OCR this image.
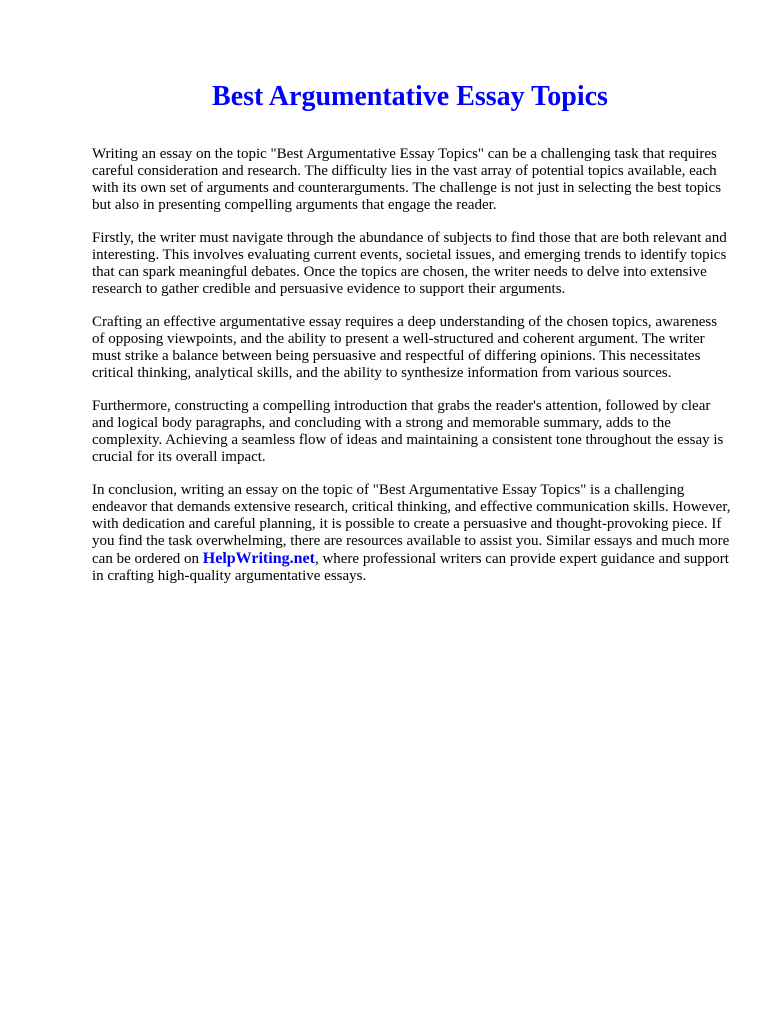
Best Argumentative Essay Topics

Writing an essay on the topic "Best Argumentative Essay Topics" can be a challenging task that requires careful consideration and research. The difficulty lies in the vast array of potential topics available, each with its own set of arguments and counterarguments. The challenge is not just in selecting the best topics but also in presenting compelling arguments that engage the reader.

Firstly, the writer must navigate through the abundance of subjects to find those that are both relevant and interesting. This involves evaluating current events, societal issues, and emerging trends to identify topics that can spark meaningful debates. Once the topics are chosen, the writer needs to delve into extensive research to gather credible and persuasive evidence to support their arguments.

Crafting an effective argumentative essay requires a deep understanding of the chosen topics, awareness of opposing viewpoints, and the ability to present a well-structured and coherent argument. The writer must strike a balance between being persuasive and respectful of differing opinions. This necessitates critical thinking, analytical skills, and the ability to synthesize information from various sources.

Furthermore, constructing a compelling introduction that grabs the reader's attention, followed by clear and logical body paragraphs, and concluding with a strong and memorable summary, adds to the complexity. Achieving a seamless flow of ideas and maintaining a consistent tone throughout the essay is crucial for its overall impact.

In conclusion, writing an essay on the topic of "Best Argumentative Essay Topics" is a challenging endeavor that demands extensive research, critical thinking, and effective communication skills. However, with dedication and careful planning, it is possible to create a persuasive and thought-provoking piece. If you find the task overwhelming, there are resources available to assist you. Similar essays and much more can be ordered on HelpWriting.net, where professional writers can provide expert guidance and support in crafting high-quality argumentative essays.
